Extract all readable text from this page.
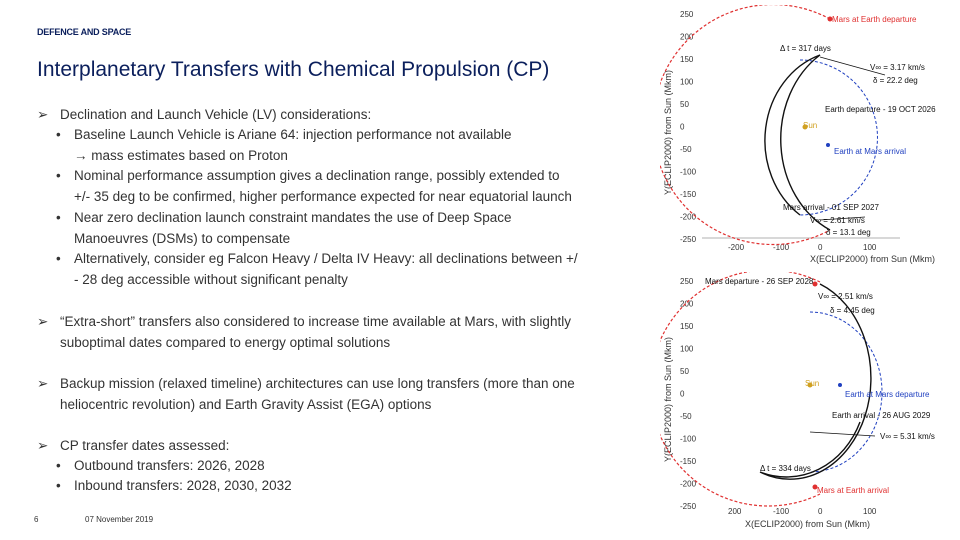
DEFENCE AND SPACE
Interplanetary Transfers with Chemical Propulsion (CP)
➢ Declination and Launch Vehicle (LV) considerations:
• Baseline Launch Vehicle is Ariane 64: injection performance not available
→ mass estimates based on Proton
• Nominal performance assumption gives a declination range, possibly extended to
+/- 35 deg to be confirmed, higher performance expected for near equatorial launch
• Near zero declination launch constraint mandates the use of Deep Space
Manoeuvres (DSMs) to compensate
• Alternatively, consider eg Falcon Heavy / Delta IV Heavy: all declinations between +/
- 28 deg accessible without significant penalty
➢ “Extra-short” transfers also considered to increase time available at Mars, with slightly
suboptimal dates compared to energy optimal solutions
➢ Backup mission (relaxed timeline) architectures can use long transfers (more than one
heliocentric revolution) and Earth Gravity Assist (EGA) options
➢ CP transfer dates assessed:
• Outbound transfers: 2026, 2028
• Inbound transfers: 2028, 2030, 2032
6	07 November 2019
250
200
150
100
50
0
-50
-100
-150
-200
-250
-200	-100	0	100
Y(ECLIP2000) from Sun (Mkm)
X(ECLIP2000) from Sun (Mkm)
Mars at Earth departure
Δ t = 317 days
V∞ = 3.17 km/s
δ = 22.2 deg
Earth departure - 19 OCT 2026
Sun
Earth at Mars arrival
Mars arrival - 01 SEP 2027
V∞ = 2.61 km/s
δ = 13.1 deg
250
200
150
100
50
0
-50
-100
-150
-200
-250
200	-100	0	100
Y(ECLIP2000) from Sun (Mkm)
X(ECLIP2000) from Sun (Mkm)
Mars departure - 26 SEP 2028
V∞ = 2.51 km/s
δ = 4.45 deg
Sun
Earth at Mars departure
Earth arrival - 26 AUG 2029
V∞ = 5.31 km/s
Δ t = 334 days
Mars at Earth arrival
